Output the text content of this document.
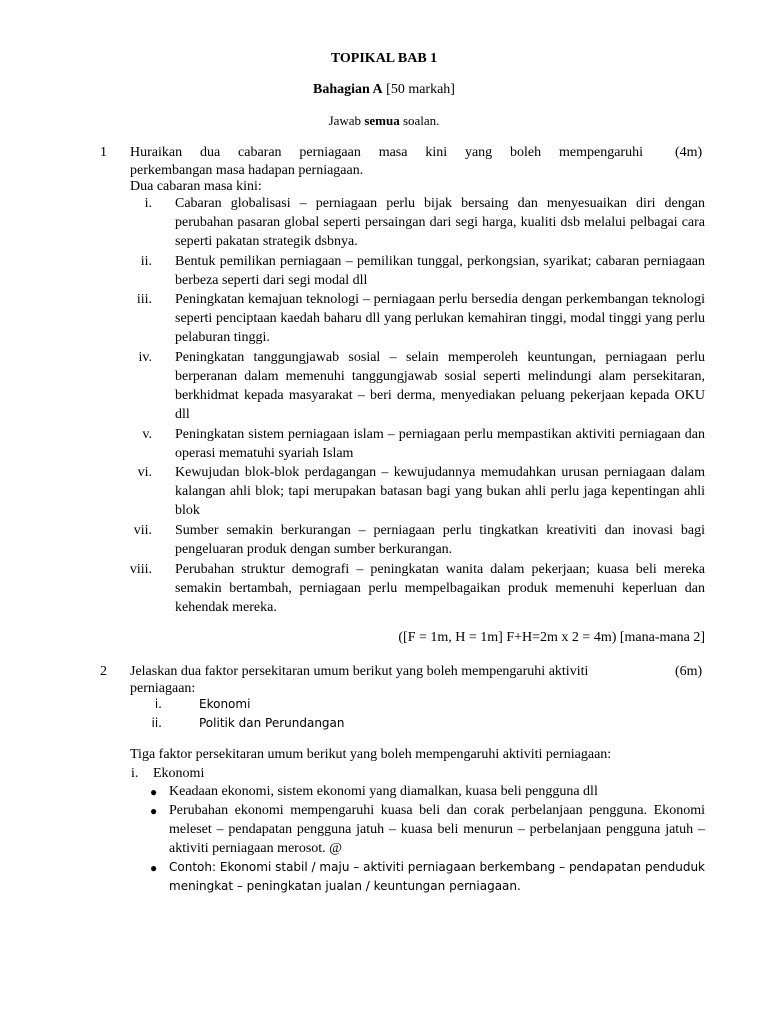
TOPIKAL BAB 1
Bahagian A [50 markah]
Jawab semua soalan.
1 Huraikan dua cabaran perniagaan masa kini yang boleh mempengaruhi (4m)
perkembangan masa hadapan perniagaan.
Dua cabaran masa kini:
i. Cabaran globalisasi – perniagaan perlu bijak bersaing dan menyesuaikan diri dengan perubahan pasaran global seperti persaingan dari segi harga, kualiti dsb melalui pelbagai cara seperti pakatan strategik dsbnya.
ii. Bentuk pemilikan perniagaan – pemilikan tunggal, perkongsian, syarikat; cabaran perniagaan berbeza seperti dari segi modal dll
iii. Peningkatan kemajuan teknologi – perniagaan perlu bersedia dengan perkembangan teknologi seperti penciptaan kaedah baharu dll yang perlukan kemahiran tinggi, modal tinggi yang perlu pelaburan tinggi.
iv. Peningkatan tanggungjawab sosial – selain memperoleh keuntungan, perniagaan perlu berperanan dalam memenuhi tanggungjawab sosial seperti melindungi alam persekitaran, berkhidmat kepada masyarakat – beri derma, menyediakan peluang pekerjaan kepada OKU dll
v. Peningkatan sistem perniagaan islam – perniagaan perlu mempastikan aktiviti perniagaan dan operasi mematuhi syariah Islam
vi. Kewujudan blok-blok perdagangan – kewujudannya memudahkan urusan perniagaan dalam kalangan ahli blok; tapi merupakan batasan bagi yang bukan ahli perlu jaga kepentingan ahli blok
vii. Sumber semakin berkurangan – perniagaan perlu tingkatkan kreativiti dan inovasi bagi pengeluaran produk dengan sumber berkurangan.
viii. Perubahan struktur demografi – peningkatan wanita dalam pekerjaan; kuasa beli mereka semakin bertambah, perniagaan perlu mempelbagaikan produk memenuhi keperluan dan kehendak mereka.
([F = 1m, H = 1m] F+H=2m x 2 = 4m) [mana-mana 2]
2 Jelaskan dua faktor persekitaran umum berikut yang boleh mempengaruhi aktiviti	(6m)
perniagaan:
i.	Ekonomi
ii.	Politik dan Perundangan
Tiga faktor persekitaran umum berikut yang boleh mempengaruhi aktiviti perniagaan:
i. Ekonomi
● Keadaan ekonomi, sistem ekonomi yang diamalkan, kuasa beli pengguna dll
● Perubahan ekonomi mempengaruhi kuasa beli dan corak perbelanjaan pengguna. Ekonomi meleset – pendapatan pengguna jatuh – kuasa beli menurun – perbelanjaan pengguna jatuh – aktiviti perniagaan merosot. @
● Contoh: Ekonomi stabil / maju – aktiviti perniagaan berkembang – pendapatan penduduk meningkat – peningkatan jualan / keuntungan perniagaan.
